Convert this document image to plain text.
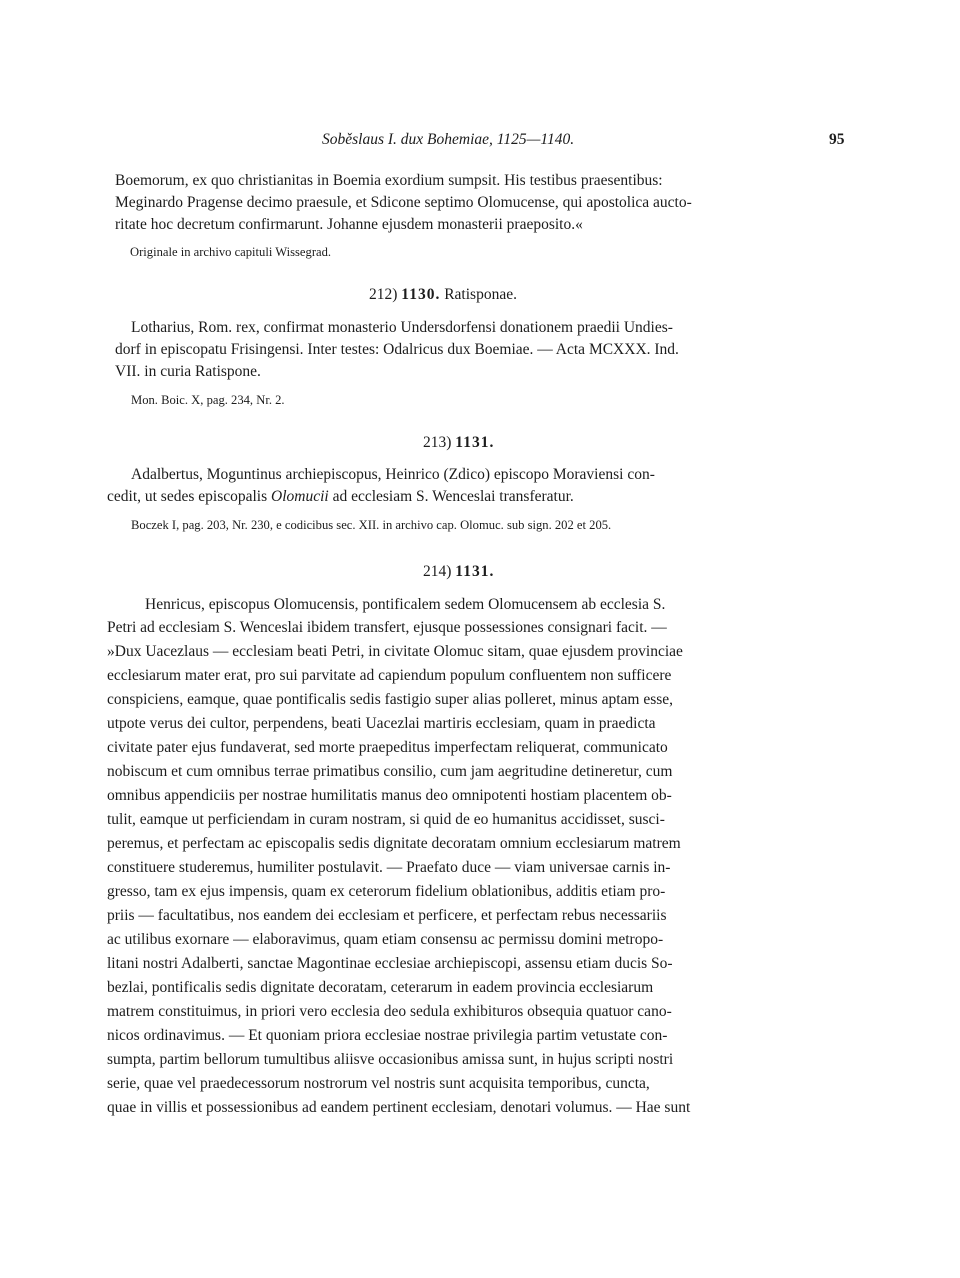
Soběslaus I. dux Bohemiae, 1125—1140.	95
Boemorum, ex quo christianitas in Boemia exordium sumpsit. His testibus praesentibus:
Meginardo Pragense decimo praesule, et Sdicone septimo Olomucense, qui apostolica aucto-
ritate hoc decretum confirmarunt. Johanne ejusdem monasterii praeposito.«
Originale in archivo capituli Wissegrad.
212) 1130. Ratisponae.
Lotharius, Rom. rex, confirmat monasterio Undersdorfensi donationem praedii Undies-
dorf in episcopatu Frisingensi. Inter testes: Odalricus dux Boemiae. — Acta MCXXX. Ind.
VII. in curia Ratispone.
Mon. Boic. X, pag. 234, Nr. 2.
213) 1131.
Adalbertus, Moguntinus archiepiscopus, Heinrico (Zdico) episcopo Moraviensi con-
cedit, ut sedes episcopalis Olomucii ad ecclesiam S. Wenceslai transferatur.
Boczek I, pag. 203, Nr. 230, e codicibus sec. XII. in archivo cap. Olomuc. sub sign. 202 et 205.
214) 1131.
Henricus, episcopus Olomucensis, pontificalem sedem Olomucensem ab ecclesia S.
Petri ad ecclesiam S. Wenceslai ibidem transfert, ejusque possessiones consignari facit. —
»Dux Uacezlaus — ecclesiam beati Petri, in civitate Olomuc sitam, quae ejusdem provinciae
ecclesiarum mater erat, pro sui parvitate ad capiendum populum confluentem non sufficere
conspiciens, eamque, quae pontificalis sedis fastigio super alias polleret, minus aptam esse,
utpote verus dei cultor, perpendens, beati Uacezlai martiris ecclesiam, quam in praedicta
civitate pater ejus fundaverat, sed morte praepeditus imperfectam reliquerat, communicato
nobiscum et cum omnibus terrae primatibus consilio, cum jam aegritudine detineretur, cum
omnibus appendiciis per nostrae humilitatis manus deo omnipotenti hostiam placentem ob-
tulit, eamque ut perficiendam in curam nostram, si quid de eo humanitus accidisset, susci-
peremus, et perfectam ac episcopalis sedis dignitate decoratam omnium ecclesiarum matrem
constituere studeremus, humiliter postulavit. — Praefato duce — viam universae carnis in-
gresso, tam ex ejus impensis, quam ex ceterorum fidelium oblationibus, additis etiam pro-
priis — facultatibus, nos eandem dei ecclesiam et perficere, et perfectam rebus necessariis
ac utilibus exornare — elaboravimus, quam etiam consensu ac permissu domini metropo-
litani nostri Adalberti, sanctae Magontinae ecclesiae archiepiscopi, assensu etiam ducis So-
bezlai, pontificalis sedis dignitate decoratam, ceterarum in eadem provincia ecclesiarum
matrem constituimus, in priori vero ecclesia deo sedula exhibituros obsequia quatuor cano-
nicos ordinavimus. — Et quoniam priora ecclesiae nostrae privilegia partim vetustate con-
sumpta, partim bellorum tumultibus aliisve occasionibus amissa sunt, in hujus scripti nostri
serie, quae vel praedecessorum nostrorum vel nostris sunt acquisita temporibus, cuncta,
quae in villis et possessionibus ad eandem pertinent ecclesiam, denotari volumus. — Hae sunt
